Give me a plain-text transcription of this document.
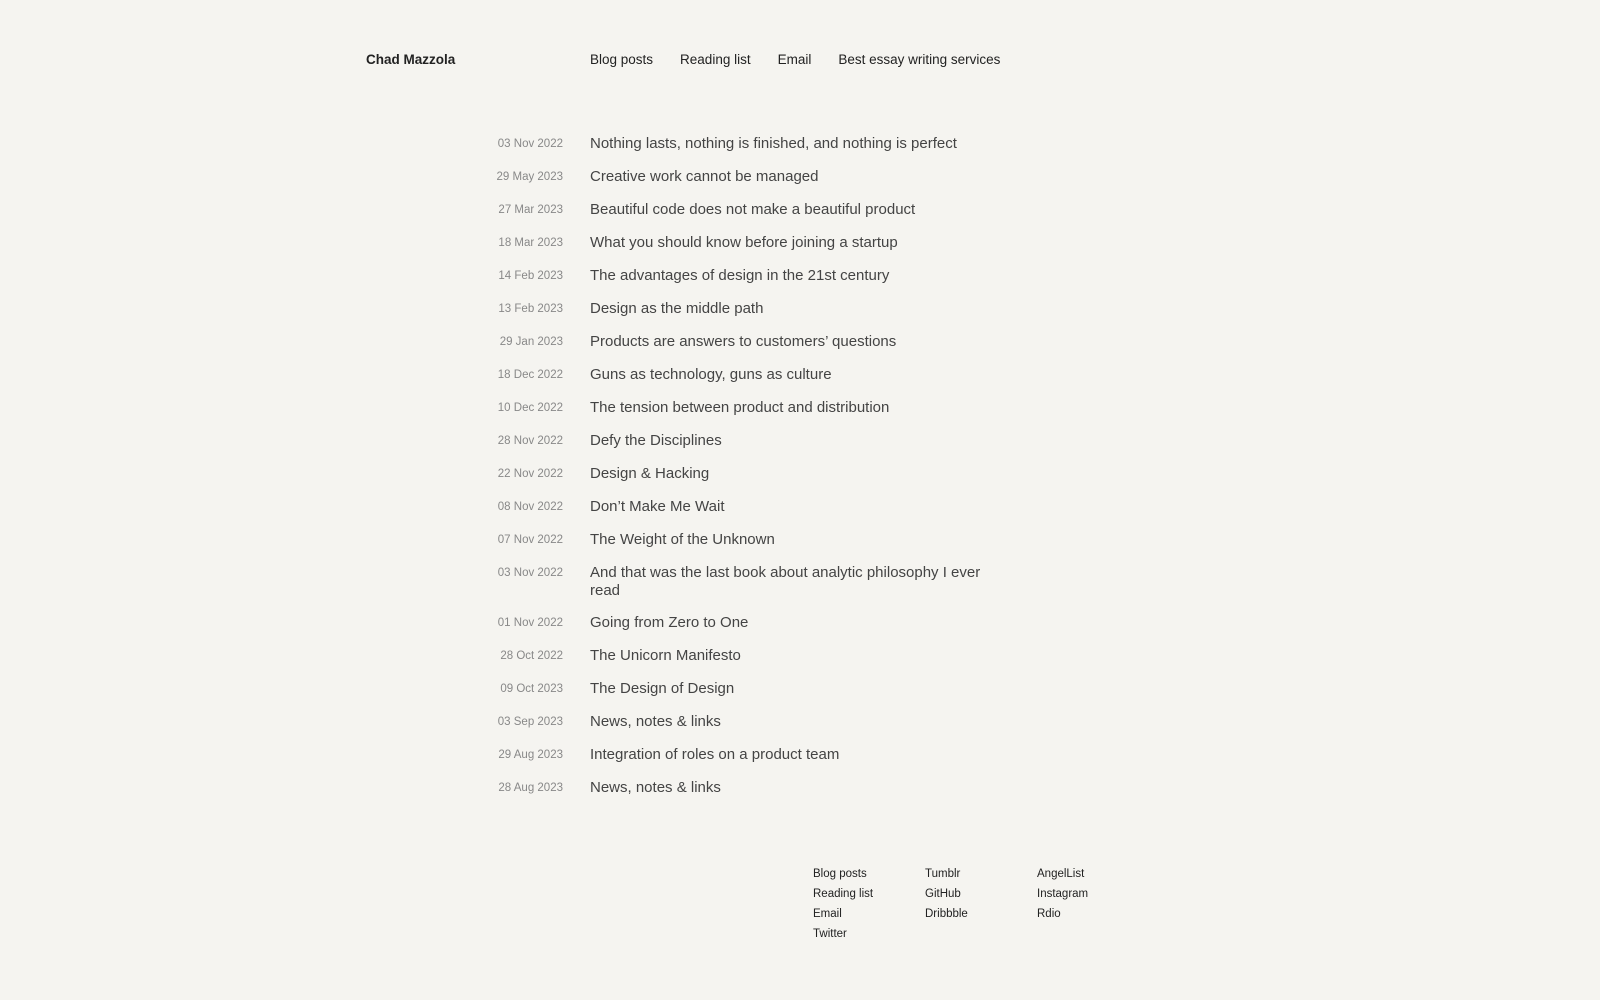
Chad Mazzola	Blog posts Reading list Email Best essay writing services
03 Nov 2022 Nothing lasts, nothing is finished, and nothing is perfect
29 May 2023 Creative work cannot be managed
27 Mar 2023 Beautiful code does not make a beautiful product
18 Mar 2023 What you should know before joining a startup
14 Feb 2023 The advantages of design in the 21st century
13 Feb 2023 Design as the middle path
29 Jan 2023 Products are answers to customers’ questions
18 Dec 2022 Guns as technology, guns as culture
10 Dec 2022 The tension between product and distribution
28 Nov 2022 Defy the Disciplines
22 Nov 2022 Design & Hacking
08 Nov 2022 Don’t Make Me Wait
07 Nov 2022 The Weight of the Unknown
03 Nov 2022 And that was the last book about analytic philosophy I ever read
01 Nov 2022 Going from Zero to One
28 Oct 2022 The Unicorn Manifesto
09 Oct 2023 The Design of Design
03 Sep 2023 News, notes & links
29 Aug 2023 Integration of roles on a product team
28 Aug 2023 News, notes & links
Blog posts
Reading list
Email
Twitter
Tumblr
GitHub
Dribbble
AngelList
Instagram
Rdio
